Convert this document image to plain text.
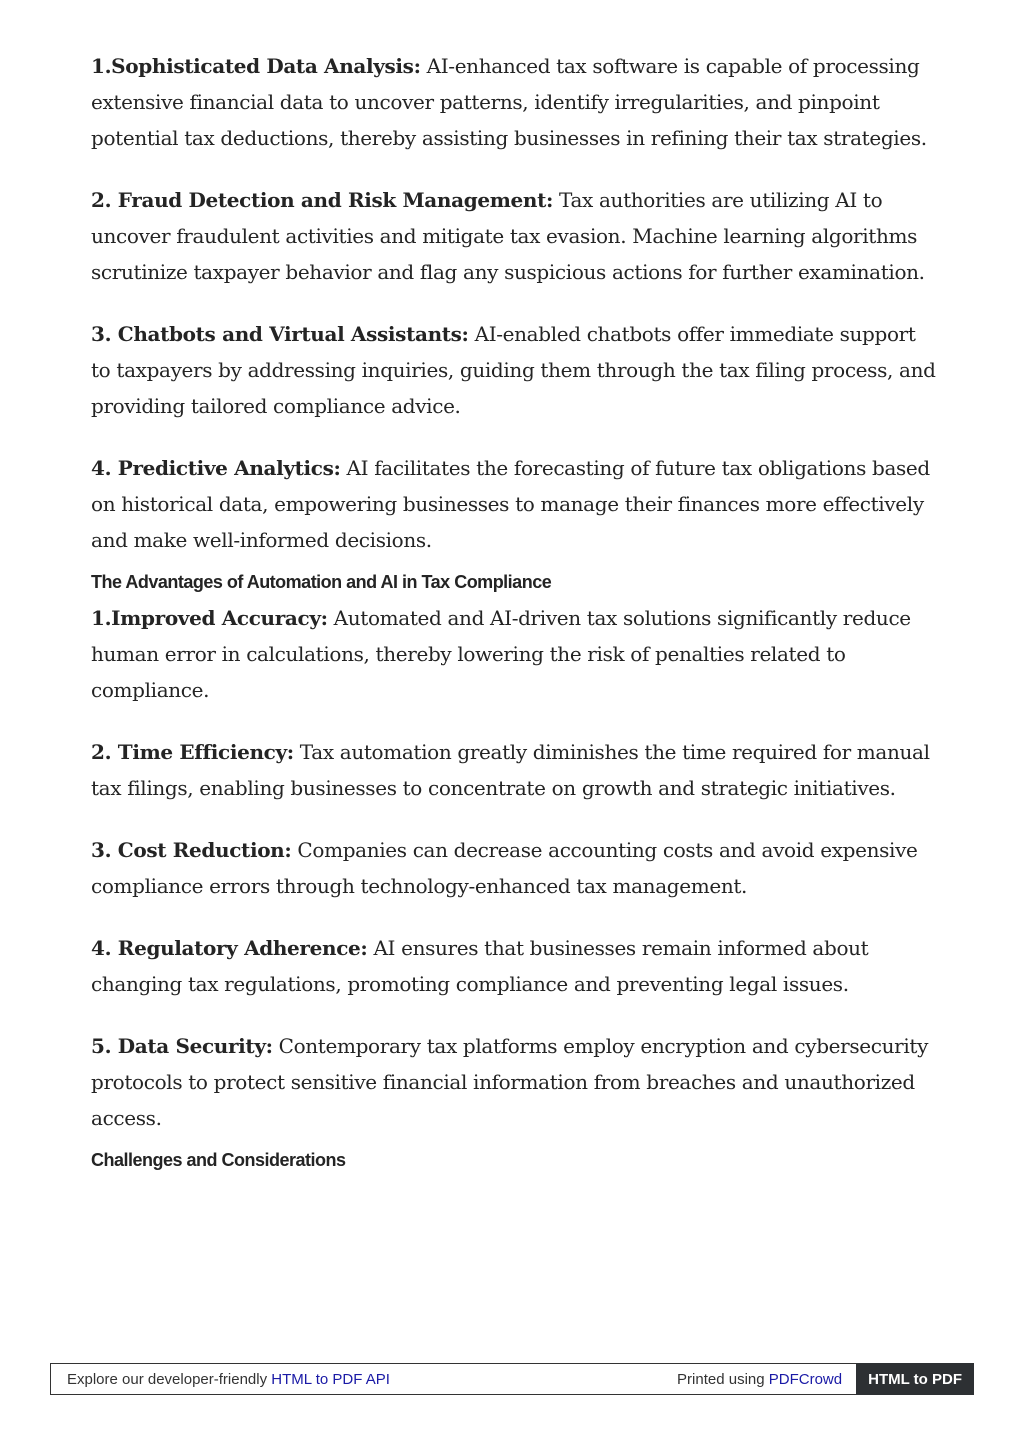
1.Sophisticated Data Analysis: AI-enhanced tax software is capable of processing extensive financial data to uncover patterns, identify irregularities, and pinpoint potential tax deductions, thereby assisting businesses in refining their tax strategies.

2. Fraud Detection and Risk Management: Tax authorities are utilizing AI to uncover fraudulent activities and mitigate tax evasion. Machine learning algorithms scrutinize taxpayer behavior and flag any suspicious actions for further examination.

3. Chatbots and Virtual Assistants: AI-enabled chatbots offer immediate support to taxpayers by addressing inquiries, guiding them through the tax filing process, and providing tailored compliance advice.

4. Predictive Analytics: AI facilitates the forecasting of future tax obligations based on historical data, empowering businesses to manage their finances more effectively and make well-informed decisions.

The Advantages of Automation and AI in Tax Compliance

1.Improved Accuracy: Automated and AI-driven tax solutions significantly reduce human error in calculations, thereby lowering the risk of penalties related to compliance.

2. Time Efficiency: Tax automation greatly diminishes the time required for manual tax filings, enabling businesses to concentrate on growth and strategic initiatives.

3. Cost Reduction: Companies can decrease accounting costs and avoid expensive compliance errors through technology-enhanced tax management.

4. Regulatory Adherence: AI ensures that businesses remain informed about changing tax regulations, promoting compliance and preventing legal issues.

5. Data Security: Contemporary tax platforms employ encryption and cybersecurity protocols to protect sensitive financial information from breaches and unauthorized access.

Challenges and Considerations
Explore our developer-friendly HTML to PDF API	Printed using PDFCrowd	HTML to PDF
